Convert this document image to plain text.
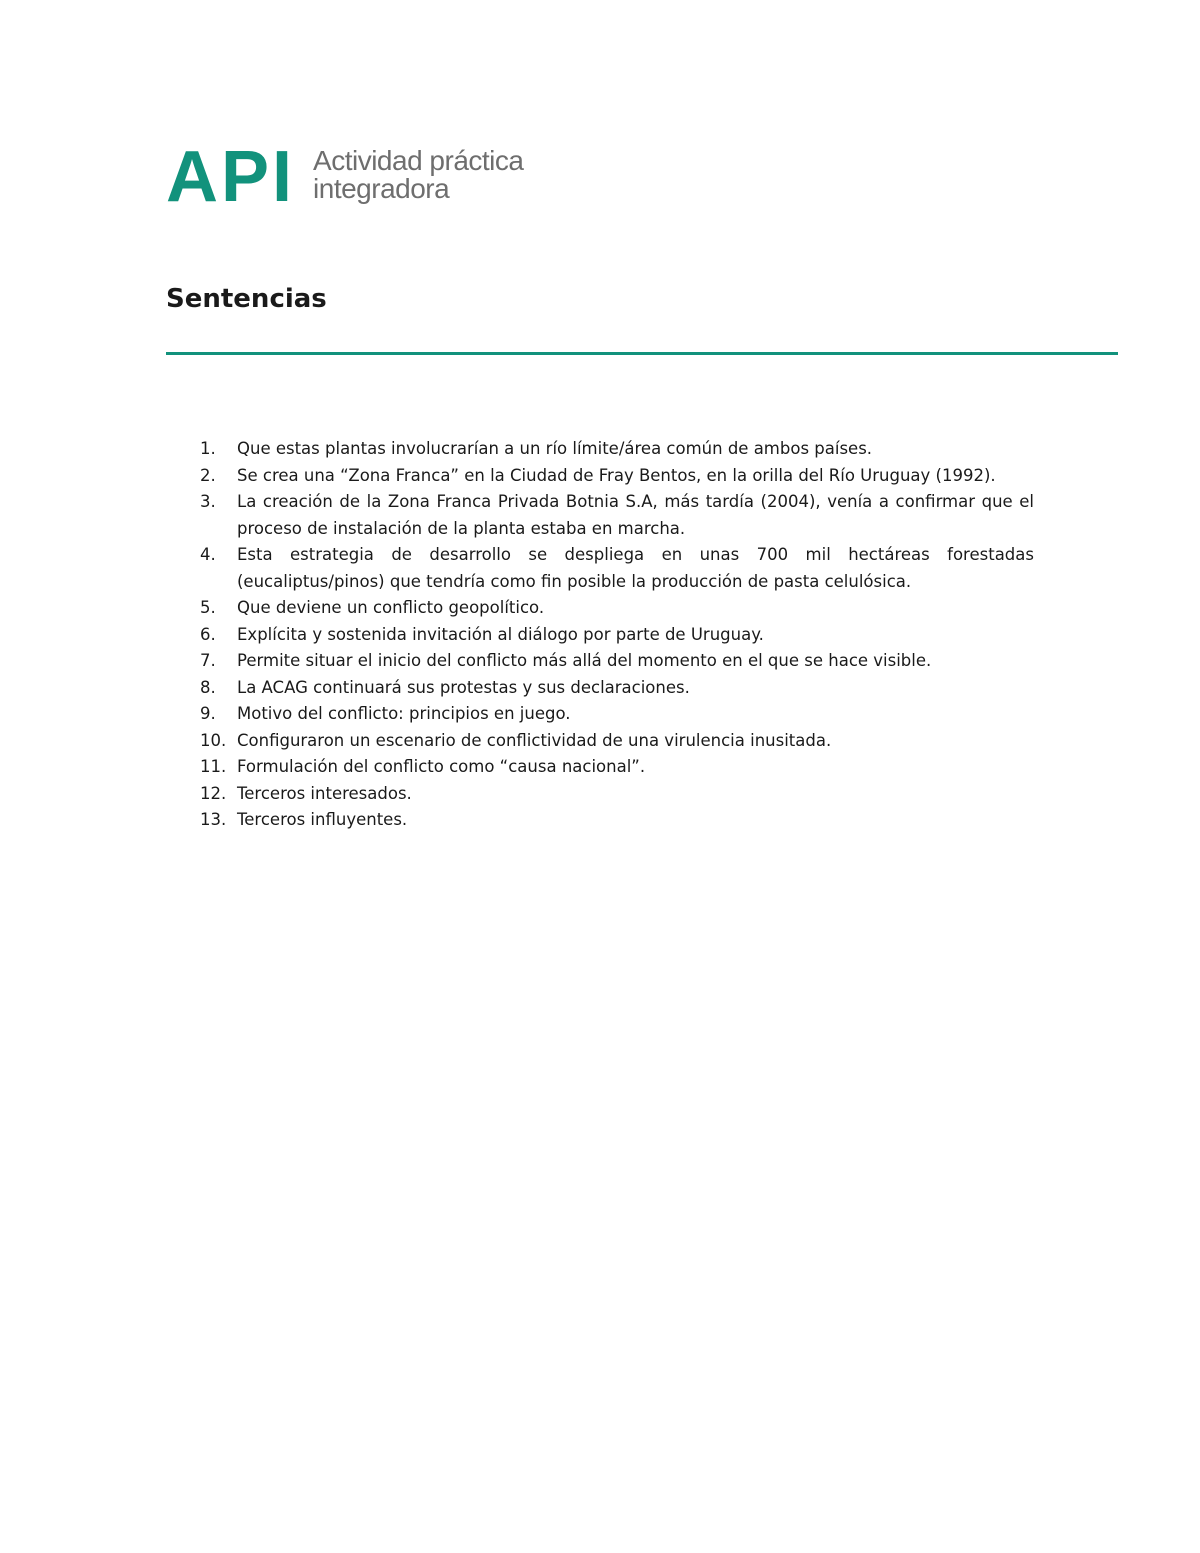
API Actividad práctica
integradora
Sentencias
1.	Que estas plantas involucrarían a un río límite/área común de ambos países.
2.	Se crea una “Zona Franca” en la Ciudad de Fray Bentos, en la orilla del Río Uruguay (1992).
3.	La creación de la Zona Franca Privada Botnia S.A, más tardía (2004), venía a confirmar que el proceso de instalación de la planta estaba en marcha.
4.	Esta estrategia de desarrollo se despliega en unas 700 mil hectáreas forestadas (eucaliptus/pinos) que tendría como fin posible la producción de pasta celulósica.
5.	Que deviene un conflicto geopolítico.
6.	Explícita y sostenida invitación al diálogo por parte de Uruguay.
7.	Permite situar el inicio del conflicto más allá del momento en el que se hace visible.
8.	La ACAG continuará sus protestas y sus declaraciones.
9.	Motivo del conflicto: principios en juego.
10. Configuraron un escenario de conflictividad de una virulencia inusitada.
11. Formulación del conflicto como “causa nacional”.
12. Terceros interesados.
13. Terceros influyentes.
